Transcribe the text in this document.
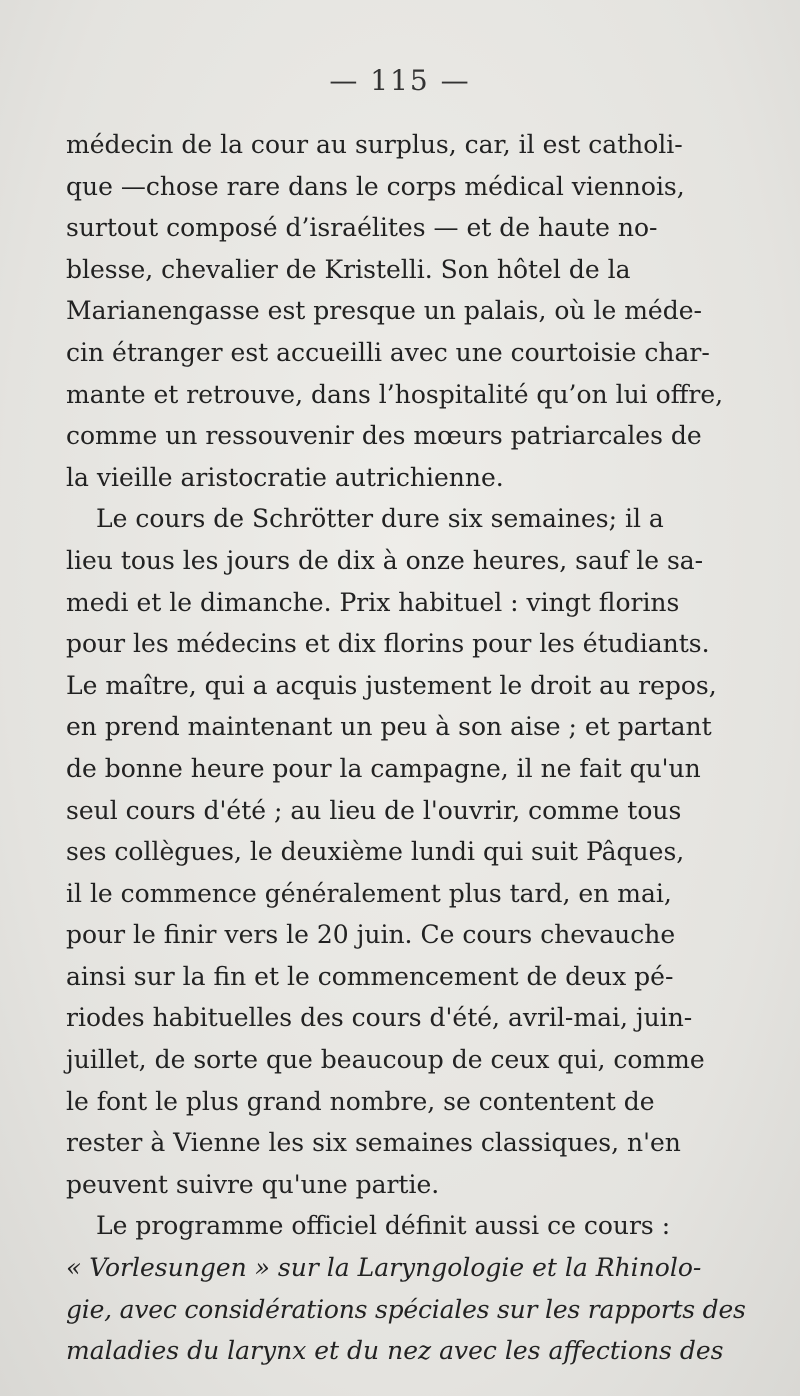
— 115 —
médecin de la cour au surplus, car, il est catholi-
que —chose rare dans le corps médical viennois,
surtout composé d’israélites — et de haute no-
blesse, chevalier de Kristelli. Son hôtel de la
Marianengasse est presque un palais, où le méde-
cin étranger est accueilli avec une courtoisie char-
mante et retrouve, dans l’hospitalité qu’on lui offre,
comme un ressouvenir des mœurs patriarcales de
la vieille aristocratie autrichienne.
Le cours de Schrötter dure six semaines; il a
lieu tous les jours de dix à onze heures, sauf le sa-
medi et le dimanche. Prix habituel : vingt florins
pour les médecins et dix florins pour les étudiants.
Le maître, qui a acquis justement le droit au repos,
en prend maintenant un peu à son aise ; et partant
de bonne heure pour la campagne, il ne fait qu'un
seul cours d'été ; au lieu de l'ouvrir, comme tous
ses collègues, le deuxième lundi qui suit Pâques,
il le commence généralement plus tard, en mai,
pour le finir vers le 20 juin. Ce cours chevauche
ainsi sur la fin et le commencement de deux pé-
riodes habituelles des cours d'été, avril-mai, juin-
juillet, de sorte que beaucoup de ceux qui, comme
le font le plus grand nombre, se contentent de
rester à Vienne les six semaines classiques, n'en
peuvent suivre qu'une partie.
Le programme officiel définit aussi ce cours :
« Vorlesungen » sur la Laryngologie et la Rhinolo-
gie, avec considérations spéciales sur les rapports des
maladies du larynx et du nez avec les affections des
